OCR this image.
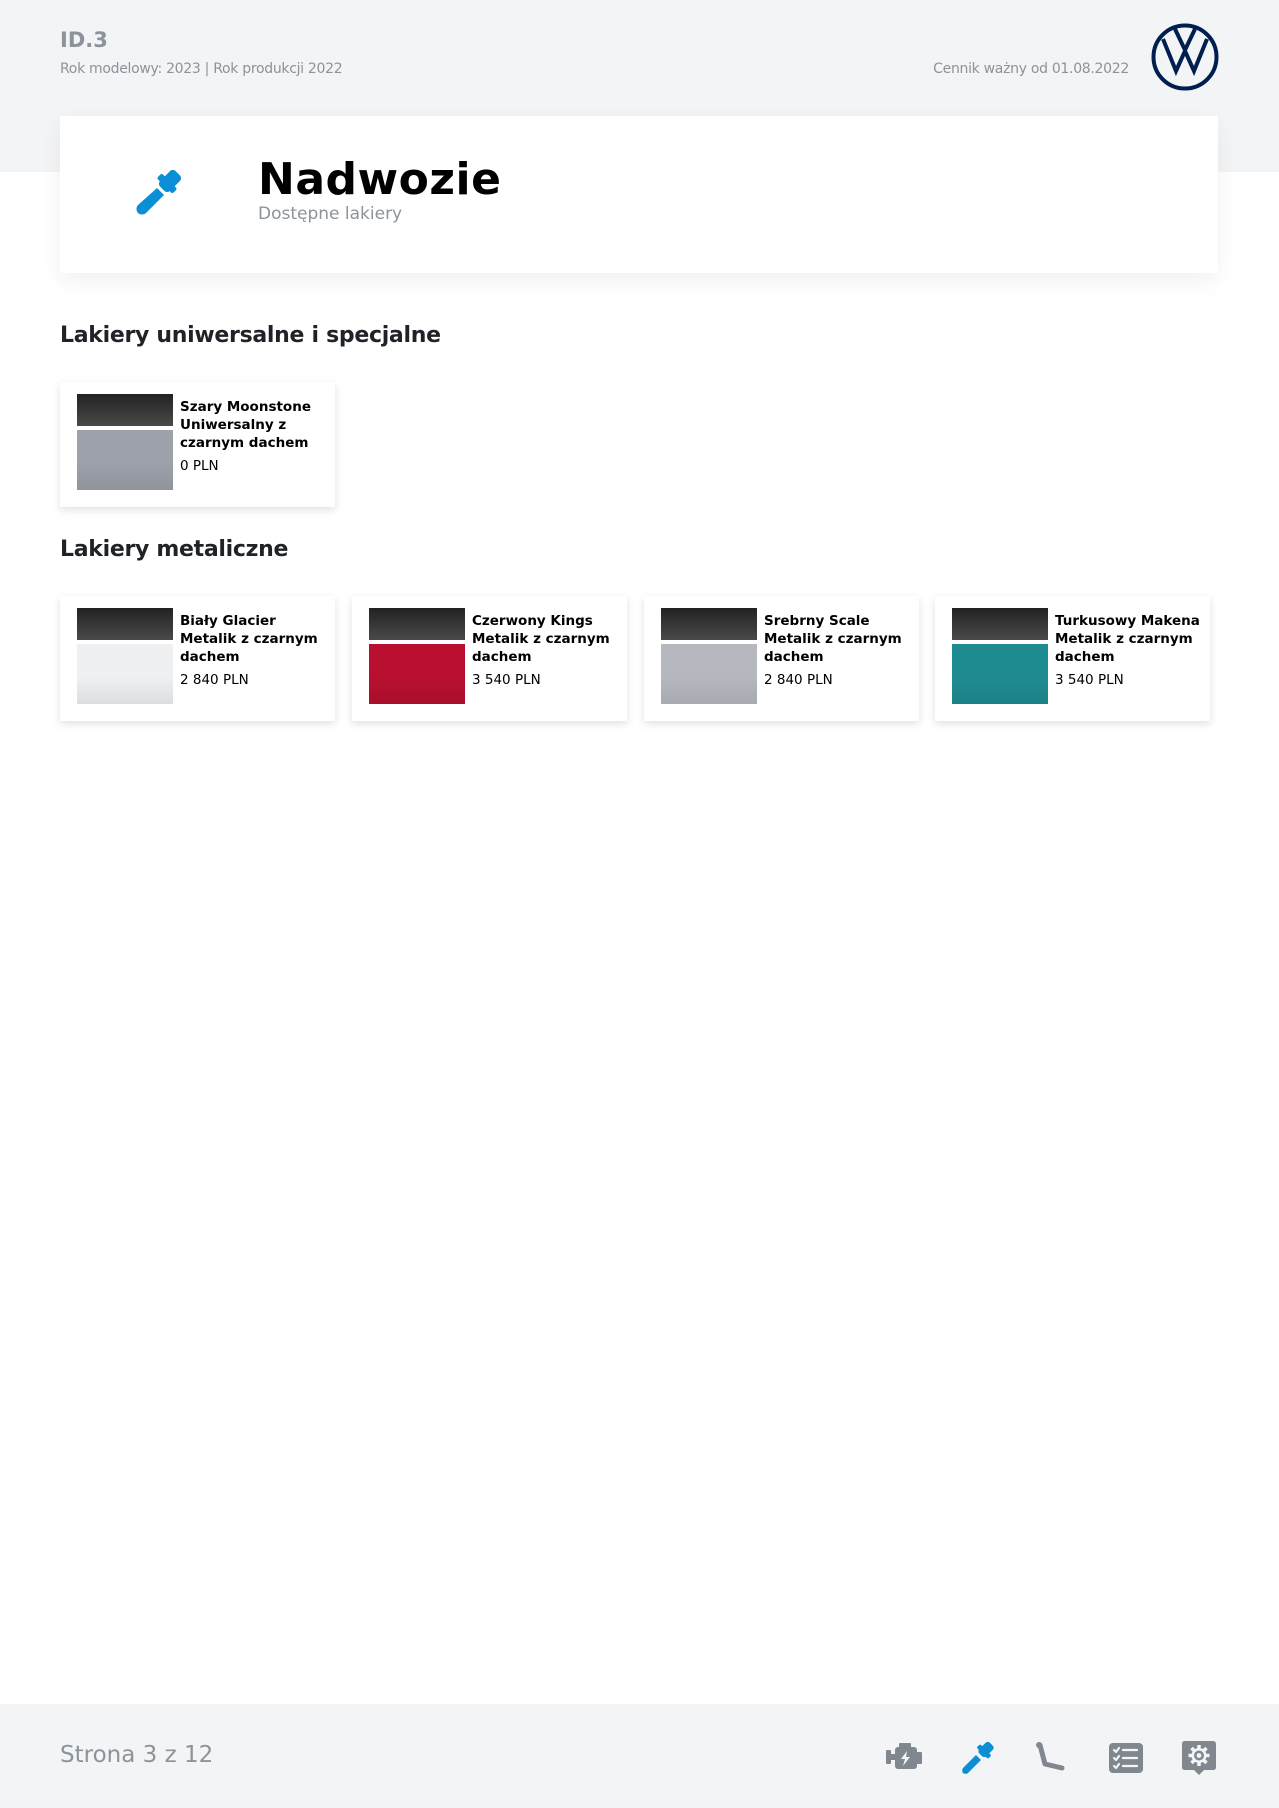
ID.3
Rok modelowy: 2023 | Rok produkcji 2022	Cennik ważny od 01.08.2022
Nadwozie
Dostępne lakiery
Lakiery uniwersalne i specjalne
Szary Moonstone Uniwersalny z czarnym dachem
0 PLN
Lakiery metaliczne
Biały Glacier Metalik z czarnym dachem
2 840 PLN
Czerwony Kings Metalik z czarnym dachem
3 540 PLN
Srebrny Scale Metalik z czarnym dachem
2 840 PLN
Turkusowy Makena Metalik z czarnym dachem
3 540 PLN
Strona 3 z 12
